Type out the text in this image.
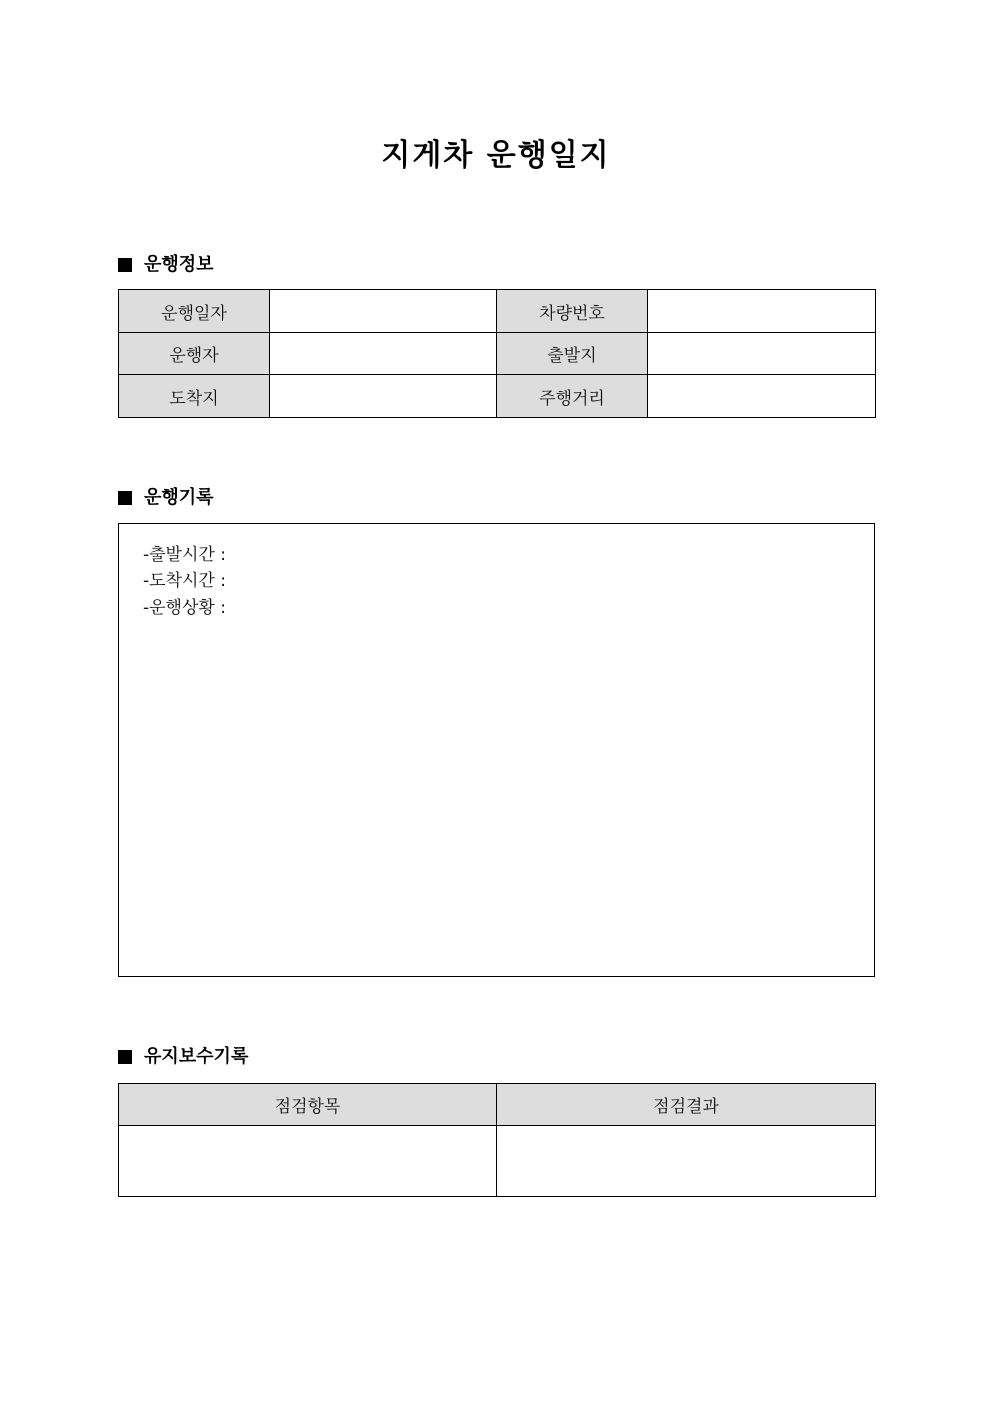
지게차 운행일지
운행정보
운행일자		차량번호	
운행자		출발지	
도착지		주행거리	
운행기록
-출발시간 :
-도착시간 :
-운행상황 :
유지보수기록
점검항목	점검결과
